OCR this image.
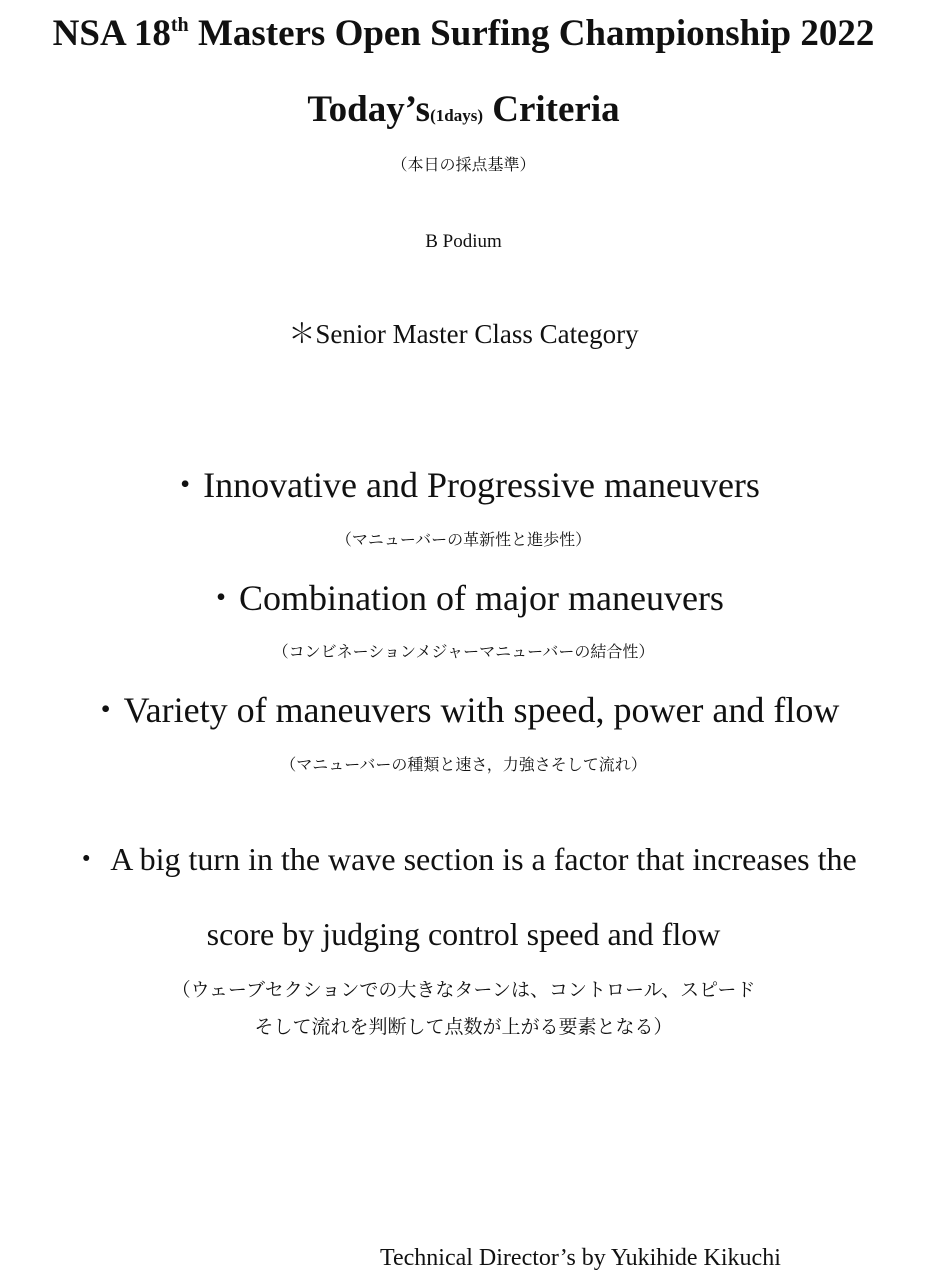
NSA 18th Masters Open Surfing Championship 2022
Today’s(1days) Criteria

（本日の採点基準）

B Podium

＊Senior Master Class Category

・Innovative and Progressive maneuvers

（マニューバーの革新性と進歩性）

・Combination of major maneuvers

（コンビネーションメジャーマニューバーの結合性）

・Variety of maneuvers with speed, power and flow

（マニューバーの種類と速さ，力強さそして流れ）

・ A big turn in the wave section is a factor that increases the

score by judging control speed and flow

（ウェーブセクションでの大きなターンは、コントロール、スピード

そして流れを判断して点数が上がる要素となる）

Technical Director’s by Yukihide Kikuchi
